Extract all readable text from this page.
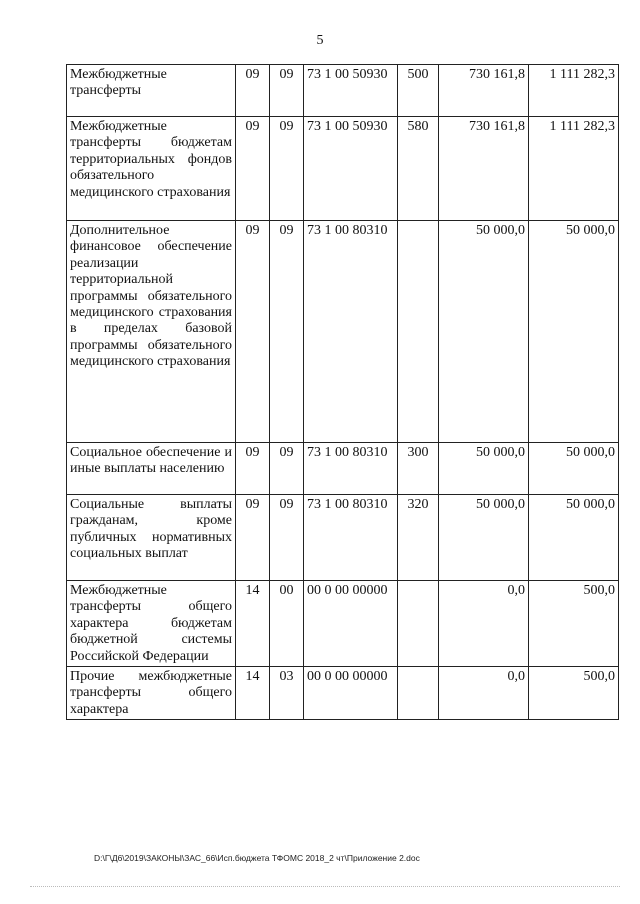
5
Межбюджетные трансферты	09	09	73 1 00 50930	500	730 161,8	1 111 282,3
Межбюджетные трансферты бюджетам территориальных фондов обязательного медицинского страхования	09	09	73 1 00 50930	580	730 161,8	1 111 282,3
Дополнительное финансовое обеспечение реализации территориальной программы обязательного медицинского страхования в пределах базовой программы обязательного медицинского страхования	09	09	73 1 00 80310		50 000,0	50 000,0
Социальное обеспечение и иные выплаты населению	09	09	73 1 00 80310	300	50 000,0	50 000,0
Социальные выплаты гражданам, кроме публичных нормативных социальных выплат	09	09	73 1 00 80310	320	50 000,0	50 000,0
Межбюджетные трансферты общего характера бюджетам бюджетной системы Российской Федерации	14	00	00 0 00 00000		0,0	500,0
Прочие межбюджетные трансферты общего характера	14	03	00 0 00 00000		0,0	500,0
D:\Г\Д6\2019\ЗАКОНЫ\ЗАС_66\Исп.бюджета ТФОМС 2018_2 чт\Приложение 2.doc
